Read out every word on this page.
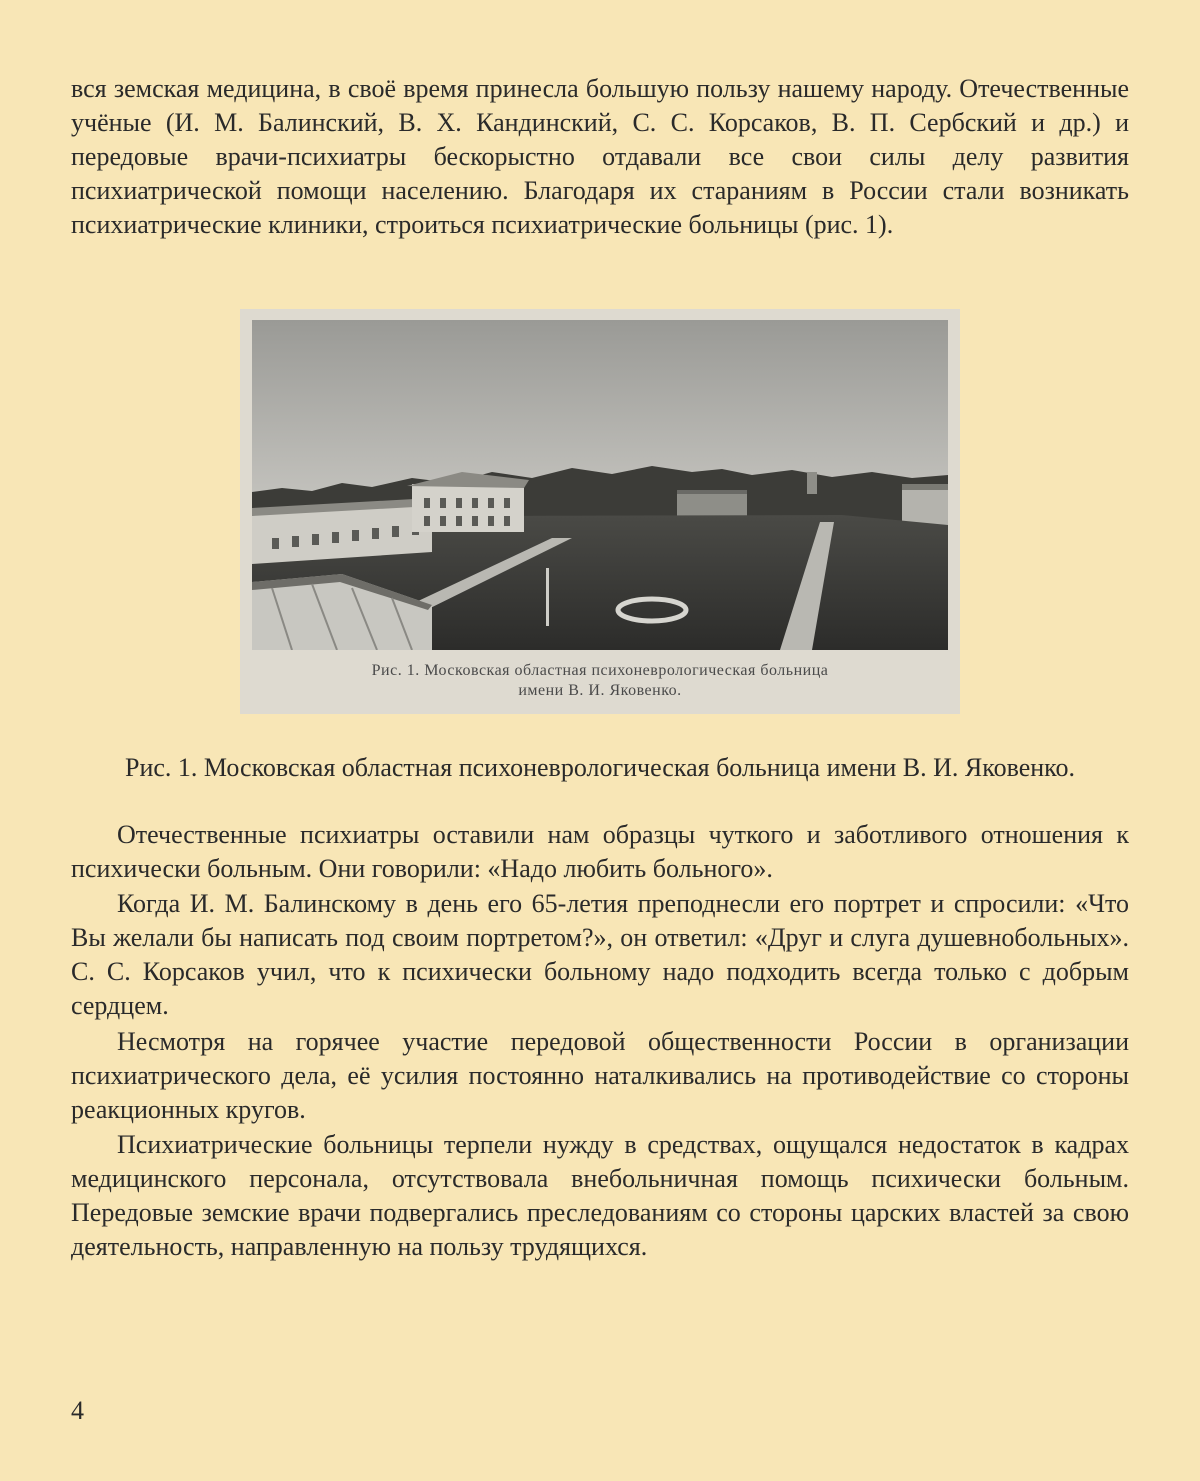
вся земская медицина, в своё время принесла большую пользу нашему народу. Отечественные учёные (И. М. Балинский, В. Х. Кандинский, С. С. Корсаков, В. П. Сербский и др.) и передовые врачи-психиатры бескорыстно отдавали все свои силы делу развития психиатрической помощи населению. Благодаря их стараниям в России стали возникать психиатрические клиники, строиться психиатрические больницы (рис. 1).

Рис. 1. Московская областная психоневрологическая больница
имени В. И. Яковенко.
Рис. 1. Московская областная психоневрологическая больница имени В. И. Яковенко.

Отечественные психиатры оставили нам образцы чуткого и заботливого отношения к психически больным. Они говорили: «Надо любить больного».

Когда И. М. Балинскому в день его 65-летия преподнесли его портрет и спросили: «Что Вы желали бы написать под своим портретом?», он ответил: «Друг и слуга душевнобольных». С. С. Корсаков учил, что к психически больному надо подходить всегда только с добрым сердцем.

Несмотря на горячее участие передовой общественности России в организации психиатрического дела, её усилия постоянно наталкивались на противодействие со стороны реакционных кругов.

Психиатрические больницы терпели нужду в средствах, ощущался недостаток в кадрах медицинского персонала, отсутствовала внебольничная помощь психически больным. Передовые земские врачи подвергались преследованиям со стороны царских властей за свою деятельность, направленную на пользу трудящихся.

4
